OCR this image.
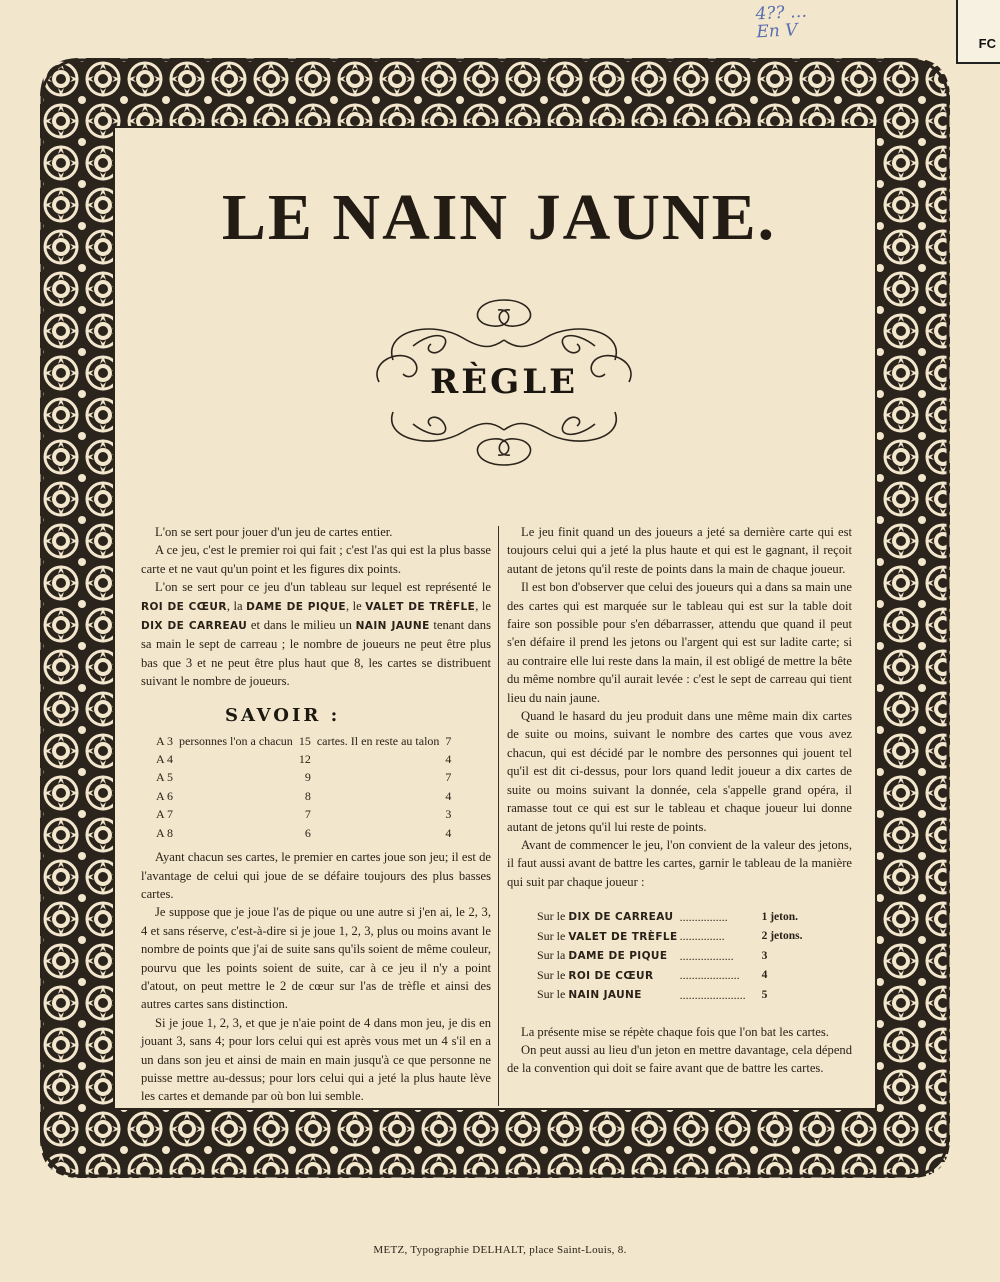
4?? …
En V
FC
LE NAIN JAUNE.
RÈGLE

L'on se sert pour jouer d'un jeu de cartes entier.

A ce jeu, c'est le premier roi qui fait ; c'est l'as qui est la plus basse carte et ne vaut qu'un point et les figures dix points.

L'on se sert pour ce jeu d'un tableau sur lequel est représenté le ROI DE CŒUR, la DAME DE PIQUE, le VALET DE TRÈFLE, le DIX DE CARREAU et dans le milieu un NAIN JAUNE tenant dans sa main le sept de carreau ; le nombre de joueurs ne peut être plus bas que 3 et ne peut être plus haut que 8, les cartes se distribuent suivant le nombre de joueurs.

SAVOIR :
A 3	personnes l'on a chacun	15	cartes. Il en reste au talon	7
A 4		12		4
A 5		9		7
A 6		8		4
A 7		7		3
A 8		6		4

Ayant chacun ses cartes, le premier en cartes joue son jeu; il est de l'avantage de celui qui joue de se défaire toujours des plus basses cartes.

Je suppose que je joue l'as de pique ou une autre si j'en ai, le 2, 3, 4 et sans réserve, c'est-à-dire si je joue 1, 2, 3, plus ou moins avant le nombre de points que j'ai de suite sans qu'ils soient de même couleur, pourvu que les points soient de suite, car à ce jeu il n'y a point d'atout, on peut mettre le 2 de cœur sur l'as de trèfle et ainsi des autres cartes sans distinction.

Si je joue 1, 2, 3, et que je n'aie point de 4 dans mon jeu, je dis en jouant 3, sans 4; pour lors celui qui est après vous met un 4 s'il en a un dans son jeu et ainsi de main en main jusqu'à ce que personne ne puisse mettre au-dessus; pour lors celui qui a jeté la plus haute lève les cartes et demande par où bon lui semble.

Le jeu finit quand un des joueurs a jeté sa dernière carte qui est toujours celui qui a jeté la plus haute et qui est le gagnant, il reçoit autant de jetons qu'il reste de points dans la main de chaque joueur.

Il est bon d'observer que celui des joueurs qui a dans sa main une des cartes qui est marquée sur le tableau qui est sur la table doit faire son possible pour s'en débarrasser, attendu que quand il peut s'en défaire il prend les jetons ou l'argent qui est sur ladite carte; si au contraire elle lui reste dans la main, il est obligé de mettre la bête du même nombre qu'il aurait levée : c'est le sept de carreau qui tient lieu du nain jaune.

Quand le hasard du jeu produit dans une même main dix cartes de suite ou moins, suivant le nombre des cartes que vous avez chacun, qui est décidé par le nombre des personnes qui jouent tel qu'il est dit ci-dessus, pour lors quand ledit joueur a dix cartes de suite ou moins suivant la donnée, cela s'appelle grand opéra, il ramasse tout ce qui est sur le tableau et chaque joueur lui donne autant de jetons qu'il lui reste de points.

Avant de commencer le jeu, l'on convient de la valeur des jetons, il faut aussi avant de battre les cartes, garnir le tableau de la manière qui suit par chaque joueur :

Sur le DIX DE CARREAU	................	1 jeton.
Sur le VALET DE TRÈFLE	...............	2 jetons.
Sur la DAME DE PIQUE	..................	3
Sur le ROI DE CŒUR	....................	4
Sur le NAIN JAUNE	......................	5

La présente mise se répète chaque fois que l'on bat les cartes.

On peut aussi au lieu d'un jeton en mettre davantage, cela dépend de la convention qui doit se faire avant que de battre les cartes.

METZ, Typographie DELHALT, place Saint-Louis, 8.
